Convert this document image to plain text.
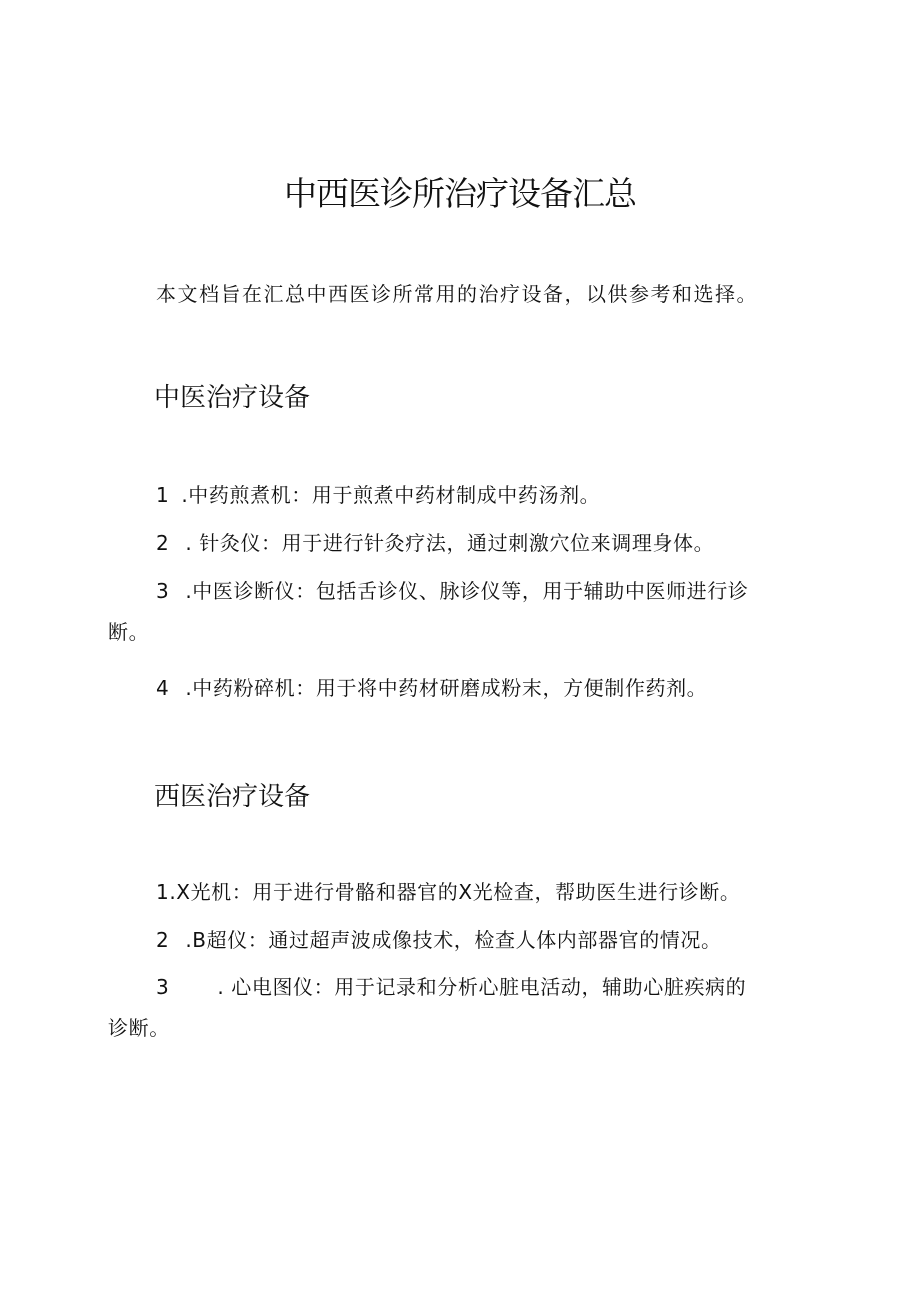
中西医诊所治疗设备汇总

本文档旨在汇总中西医诊所常用的治疗设备，以供参考和选择。

中医治疗设备

1 .中药煎煮机：用于煎煮中药材制成中药汤剂。

2 . 针灸仪：用于进行针灸疗法，通过刺激穴位来调理身体。

3 .中医诊断仪：包括舌诊仪、脉诊仪等，用于辅助中医师进行诊
断。

4 .中药粉碎机：用于将中药材研磨成粉末，方便制作药剂。

西医治疗设备

1.X光机：用于进行骨骼和器官的X光检查，帮助医生进行诊断。

2 .B超仪：通过超声波成像技术，检查人体内部器官的情况。

3 . 心电图仪：用于记录和分析心脏电活动，辅助心脏疾病的
诊断。
